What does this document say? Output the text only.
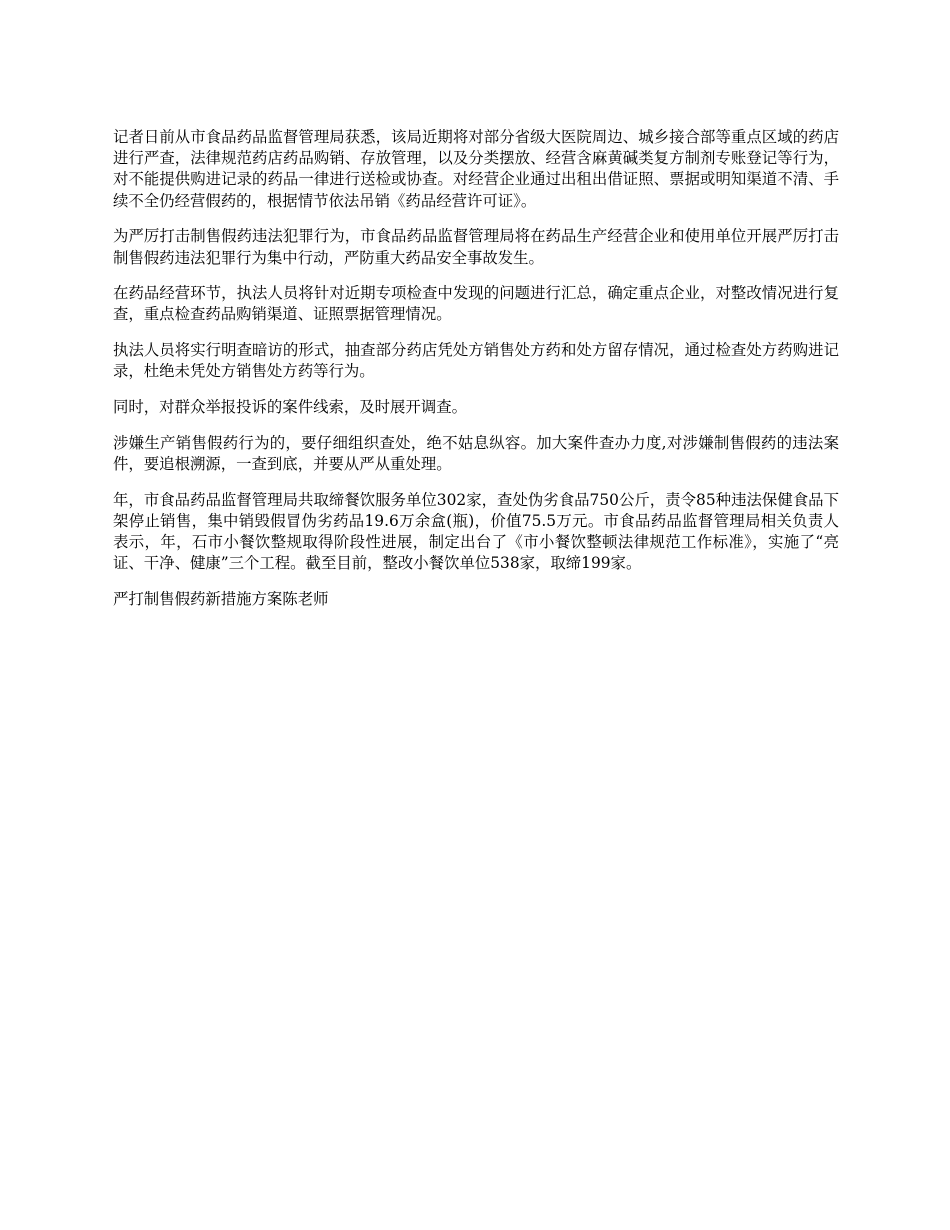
记者日前从市食品药品监督管理局获悉，该局近期将对部分省级大医院周边、城乡接合部等重点区域的药店进行严查，法律规范药店药品购销、存放管理，以及分类摆放、经营含麻黄碱类复方制剂专账登记等行为，对不能提供购进记录的药品一律进行送检或协查。对经营企业通过出租出借证照、票据或明知渠道不清、手续不全仍经营假药的，根据情节依法吊销《药品经营许可证》。

为严厉打击制售假药违法犯罪行为，市食品药品监督管理局将在药品生产经营企业和使用单位开展严厉打击制售假药违法犯罪行为集中行动，严防重大药品安全事故发生。

在药品经营环节，执法人员将针对近期专项检查中发现的问题进行汇总，确定重点企业，对整改情况进行复查，重点检查药品购销渠道、证照票据管理情况。

执法人员将实行明查暗访的形式，抽查部分药店凭处方销售处方药和处方留存情况，通过检查处方药购进记录，杜绝未凭处方销售处方药等行为。

同时，对群众举报投诉的案件线索，及时展开调查。

涉嫌生产销售假药行为的，要仔细组织查处，绝不姑息纵容。加大案件查办力度,对涉嫌制售假药的违法案件，要追根溯源，一查到底，并要从严从重处理。

年，市食品药品监督管理局共取缔餐饮服务单位302家，查处伪劣食品750公斤，责令85种违法保健食品下架停止销售，集中销毁假冒伪劣药品19.6万余盒(瓶)，价值75.5万元。市食品药品监督管理局相关负责人表示，年，石市小餐饮整规取得阶段性进展，制定出台了《市小餐饮整顿法律规范工作标准》，实施了“亮证、干净、健康”三个工程。截至目前，整改小餐饮单位538家，取缔199家。

严打制售假药新措施方案陈老师
